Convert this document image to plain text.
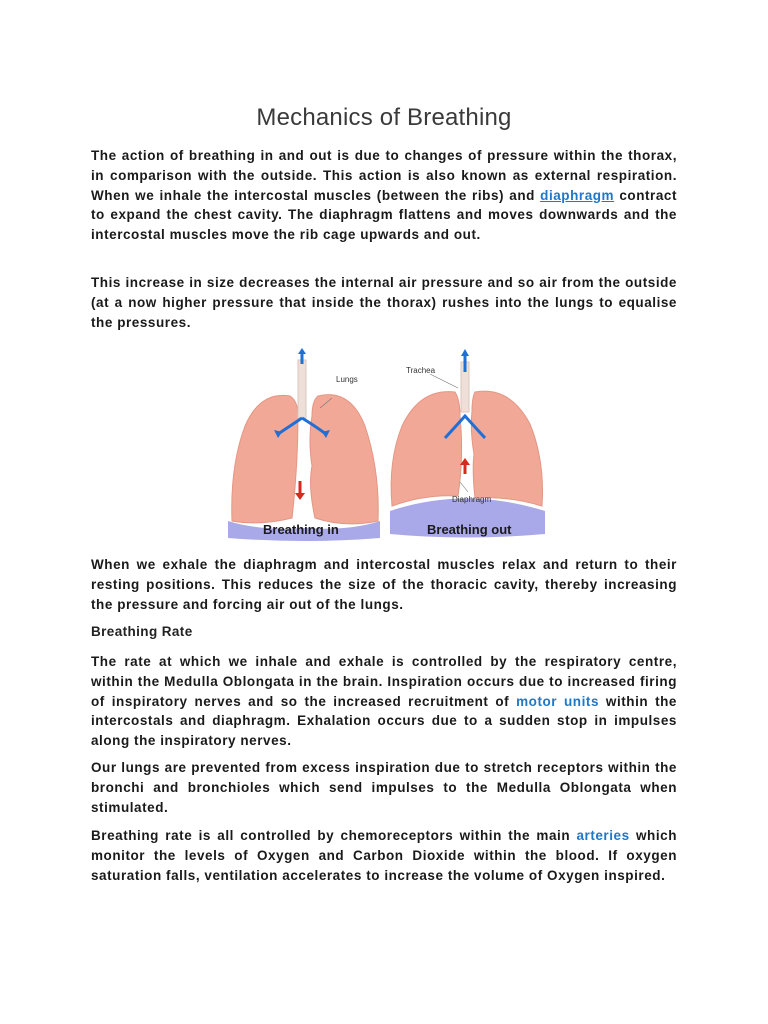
Mechanics of Breathing

The action of breathing in and out is due to changes of pressure within the thorax, in comparison with the outside. This action is also known as external respiration. When we inhale the intercostal muscles (between the ribs) and diaphragm contract to expand the chest cavity. The diaphragm flattens and moves downwards and the intercostal muscles move the rib cage upwards and out.

This increase in size decreases the internal air pressure and so air from the outside (at a now higher pressure that inside the thorax) rushes into the lungs to equalise the pressures.

Lungs
Breathing in
Trachea
Diaphragm
Breathing out

When we exhale the diaphragm and intercostal muscles relax and return to their resting positions. This reduces the size of the thoracic cavity, thereby increasing the pressure and forcing air out of the lungs.

Breathing Rate

The rate at which we inhale and exhale is controlled by the respiratory centre, within the Medulla Oblongata in the brain. Inspiration occurs due to increased firing of inspiratory nerves and so the increased recruitment of motor units within the intercostals and diaphragm. Exhalation occurs due to a sudden stop in impulses along the inspiratory nerves.

Our lungs are prevented from excess inspiration due to stretch receptors within the bronchi and bronchioles which send impulses to the Medulla Oblongata when stimulated.

Breathing rate is all controlled by chemoreceptors within the main arteries which monitor the levels of Oxygen and Carbon Dioxide within the blood. If oxygen saturation falls, ventilation accelerates to increase the volume of Oxygen inspired.
